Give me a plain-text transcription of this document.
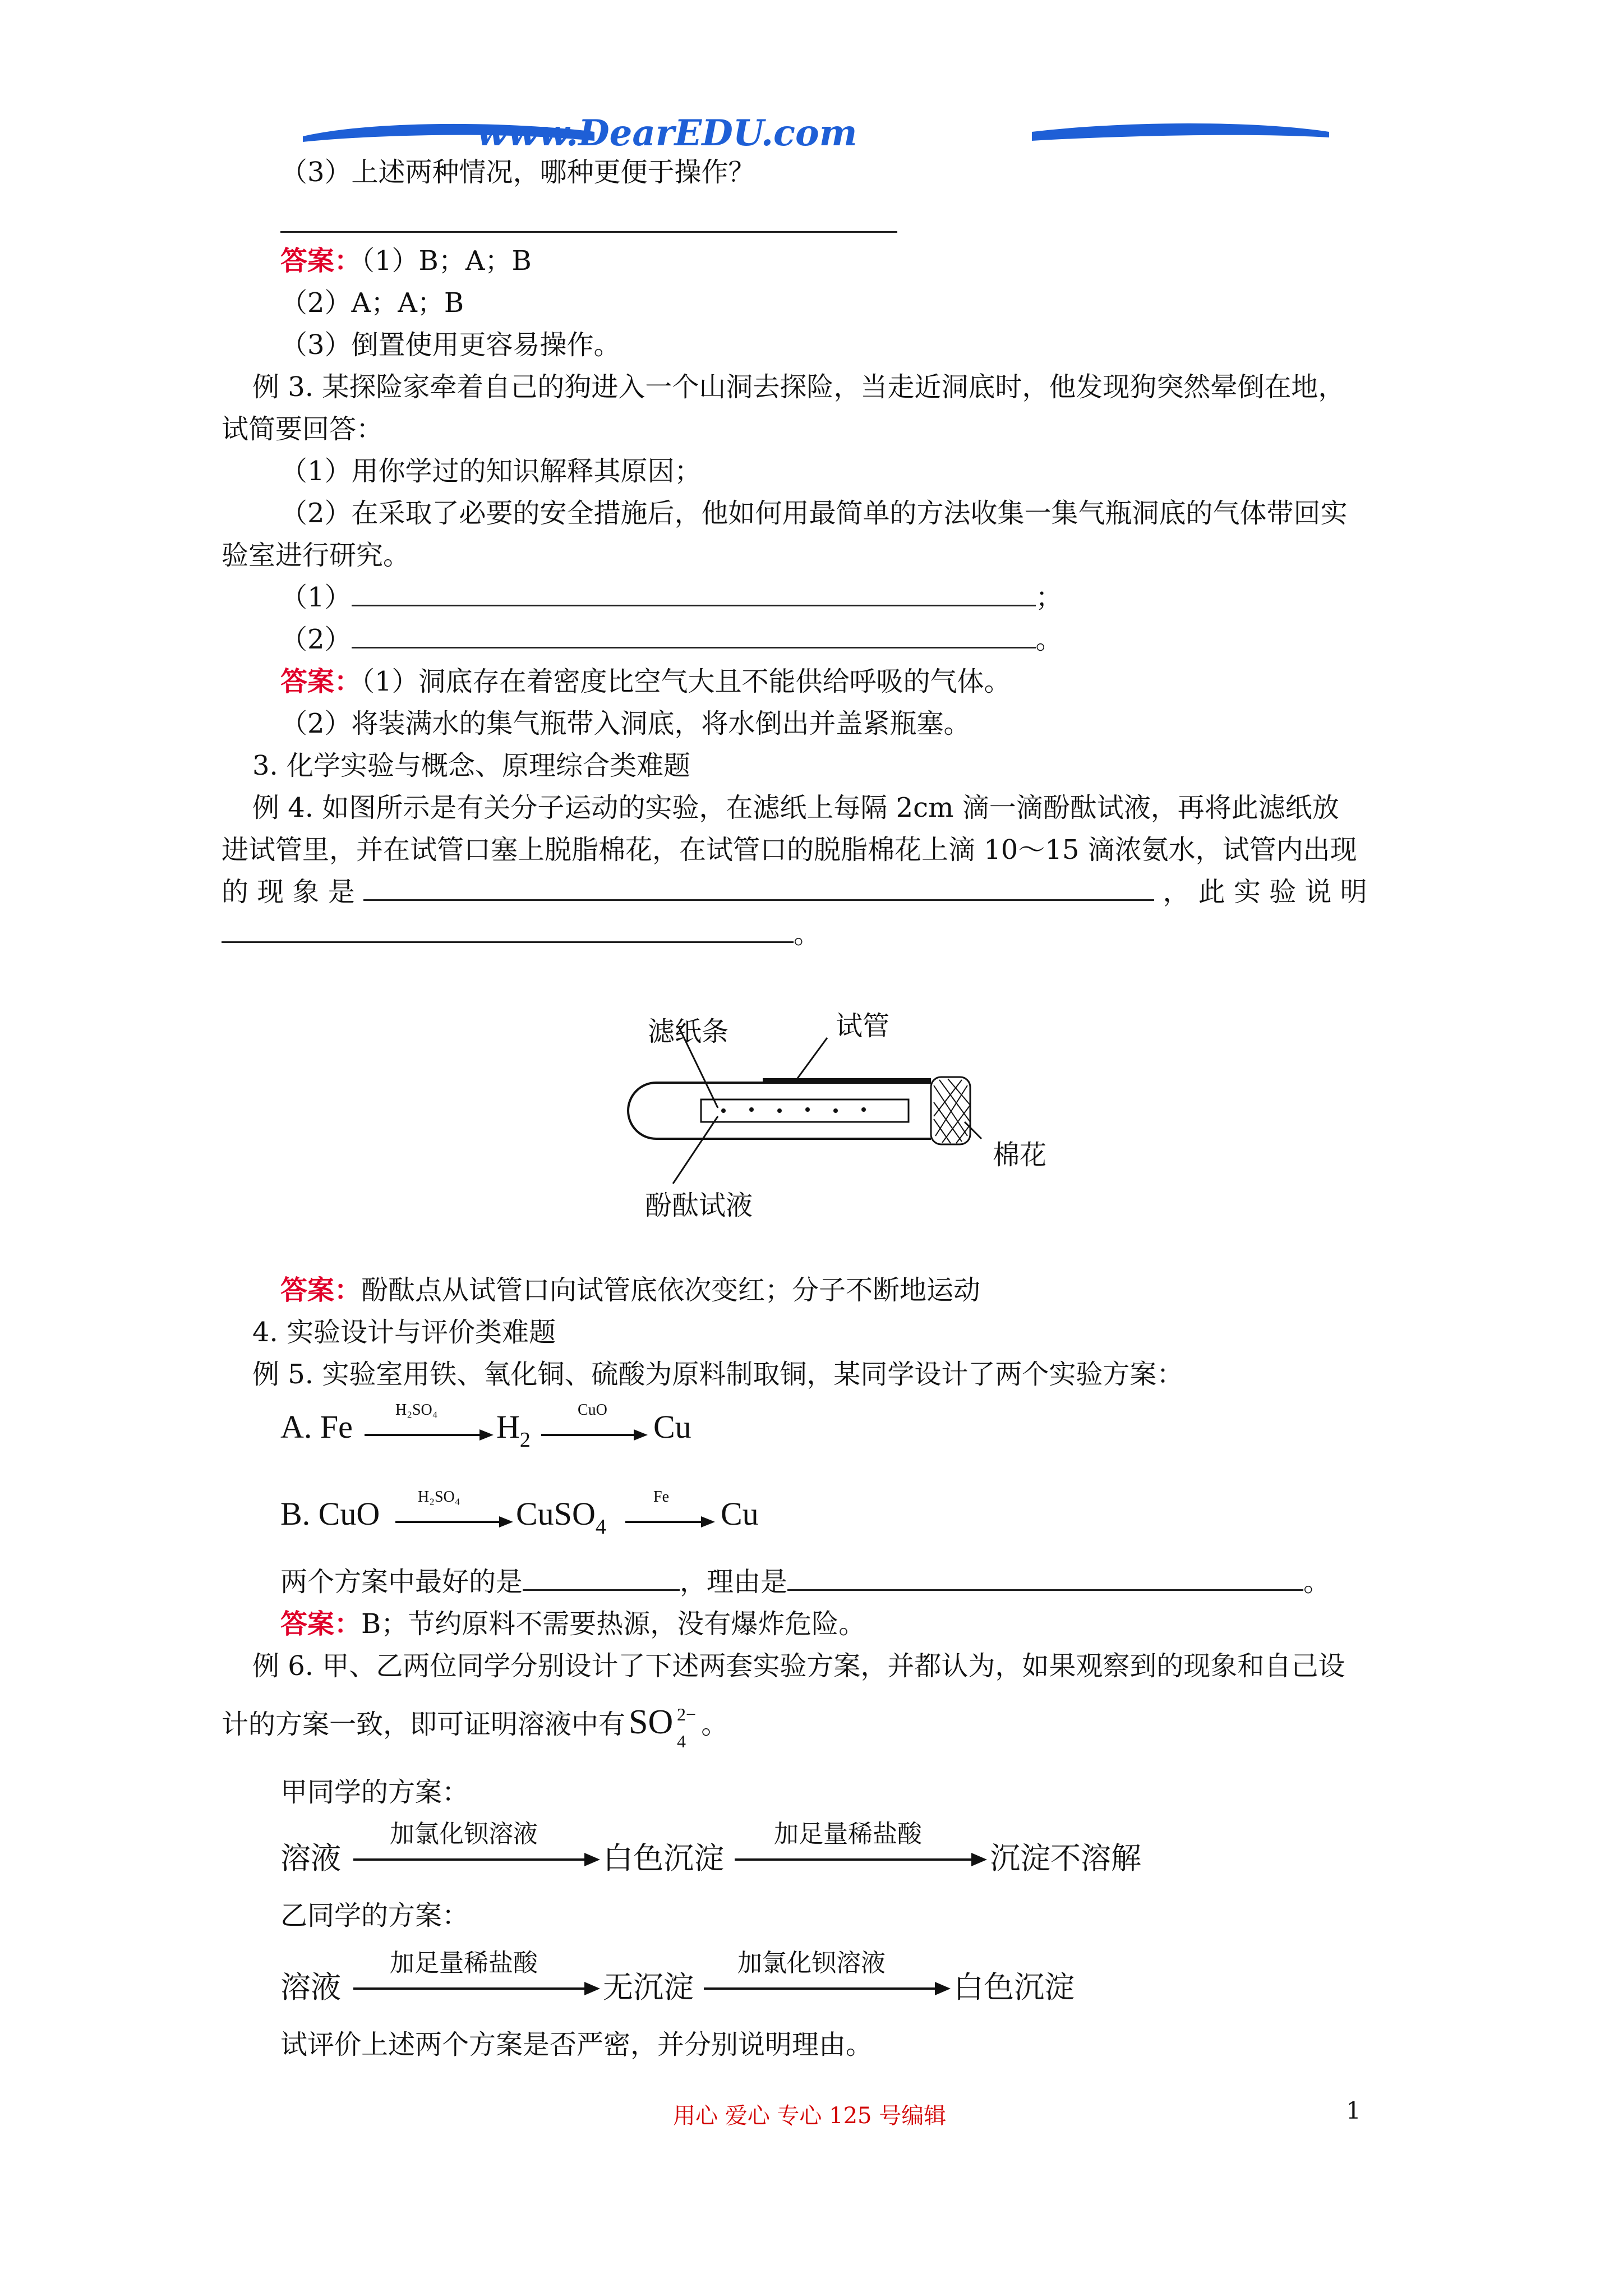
www.DearEDU.com
（3）上述两种情况，哪种更便于操作？
答案：（1）B；A；B
（2）A；A；B
（3）倒置使用更容易操作。
例 3. 某探险家牵着自己的狗进入一个山洞去探险，当走近洞底时，他发现狗突然晕倒在地，
试简要回答：
（1）用你学过的知识解释其原因；
（2）在采取了必要的安全措施后，他如何用最简单的方法收集一集气瓶洞底的气体带回实
验室进行研究。
（1）	；
（2）	。
答案：（1）洞底存在着密度比空气大且不能供给呼吸的气体。
（2）将装满水的集气瓶带入洞底，将水倒出并盖紧瓶塞。
3. 化学实验与概念、原理综合类难题
例 4. 如图所示是有关分子运动的实验，在滤纸上每隔 2cm 滴一滴酚酞试液，再将此滤纸放
进试管里，并在试管口塞上脱脂棉花，在试管口的脱脂棉花上滴 10～15 滴浓氨水，试管内出现
的 现 象 是	， 此 实 验 说 明
。
滤纸条	试管
棉花
酚酞试液
答案：酚酞点从试管口向试管底依次变红；分子不断地运动
4. 实验设计与评价类难题
例 5. 实验室用铁、氧化铜、硫酸为原料制取铜，某同学设计了两个实验方案：
A. Fe →
H₂SO₄ $H_2$ →
CuO Cu
B. CuO →
H₂SO₄ CuSO$_4$ →
Fe Cu
两个方案中最好的是	，理由是	。
答案：B；节约原料不需要热源，没有爆炸危险。
例 6. 甲、乙两位同学分别设计了下述两套实验方案，并都认为，如果观察到的现象和自己设
计的方案一致，即可证明溶液中有SO 2−
4
。
甲同学的方案：
溶液
加氯化钡溶液
白色沉淀
加足量稀盐酸
沉淀不溶解
乙同学的方案：
溶液
加足量稀盐酸
无沉淀
加氯化钡溶液
白色沉淀
试评价上述两个方案是否严密，并分别说明理由。
用心 爱心 专心 125 号编辑	1
